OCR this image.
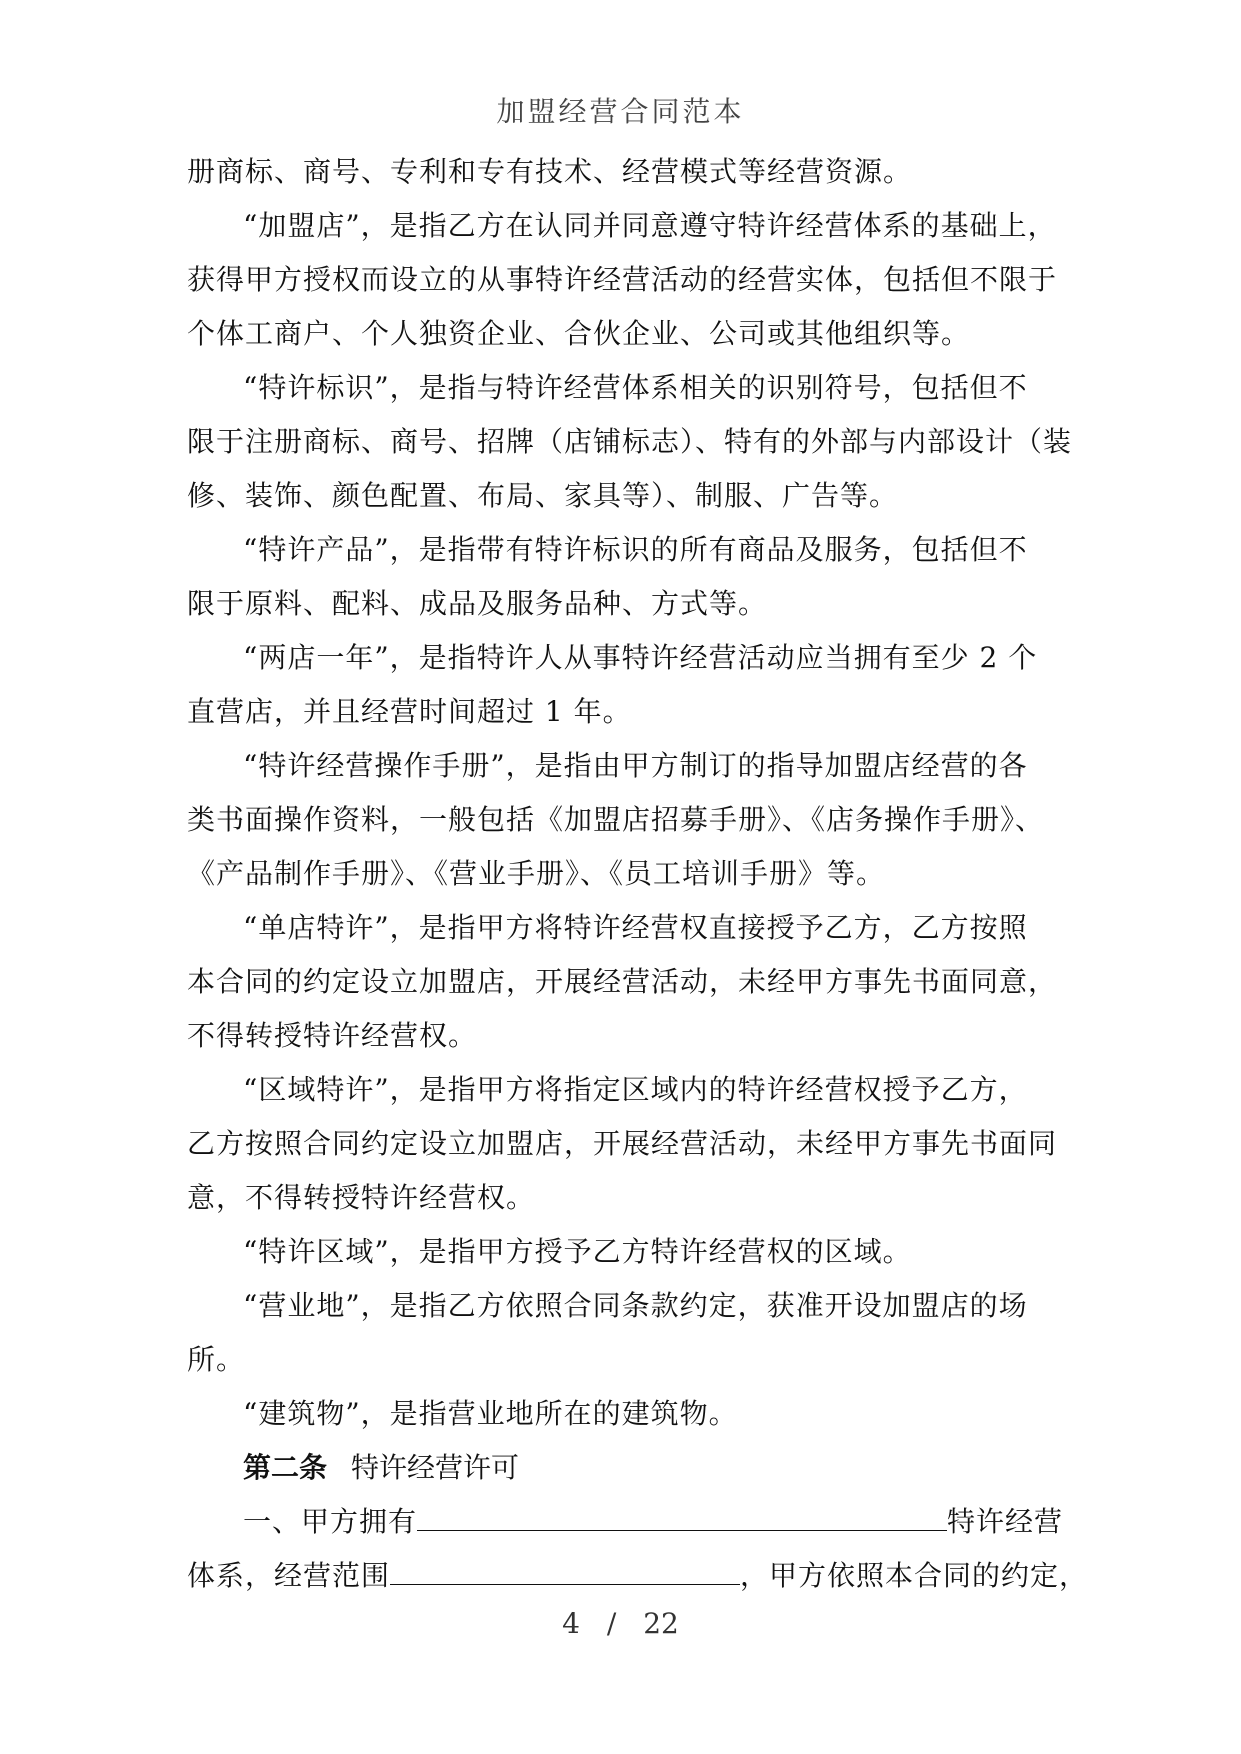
加盟经营合同范本
册商标、商号、专利和专有技术、经营模式等经营资源。
“加盟店”，是指乙方在认同并同意遵守特许经营体系的基础上，
获得甲方授权而设立的从事特许经营活动的经营实体，包括但不限于
个体工商户、个人独资企业、合伙企业、公司或其他组织等。
“特许标识”，是指与特许经营体系相关的识别符号，包括但不
限于注册商标、商号、招牌（店铺标志）、特有的外部与内部设计（装
修、装饰、颜色配置、布局、家具等）、制服、广告等。
“特许产品”，是指带有特许标识的所有商品及服务，包括但不
限于原料、配料、成品及服务品种、方式等。
“两店一年”，是指特许人从事特许经营活动应当拥有至少 2 个
直营店，并且经营时间超过 1 年。
“特许经营操作手册”，是指由甲方制订的指导加盟店经营的各
类书面操作资料，一般包括《加盟店招募手册》、《店务操作手册》、
《产品制作手册》、《营业手册》、《员工培训手册》等。
“单店特许”，是指甲方将特许经营权直接授予乙方，乙方按照
本合同的约定设立加盟店，开展经营活动，未经甲方事先书面同意，
不得转授特许经营权。
“区域特许”，是指甲方将指定区域内的特许经营权授予乙方，
乙方按照合同约定设立加盟店，开展经营活动，未经甲方事先书面同
意，不得转授特许经营权。
“特许区域”，是指甲方授予乙方特许经营权的区域。
“营业地”，是指乙方依照合同条款约定，获准开设加盟店的场
所。
“建筑物”，是指营业地所在的建筑物。
第二条 特许经营许可
一、甲方拥有	特许经营
体系，经营范围	，甲方依照本合同的约定，
4 / 22
